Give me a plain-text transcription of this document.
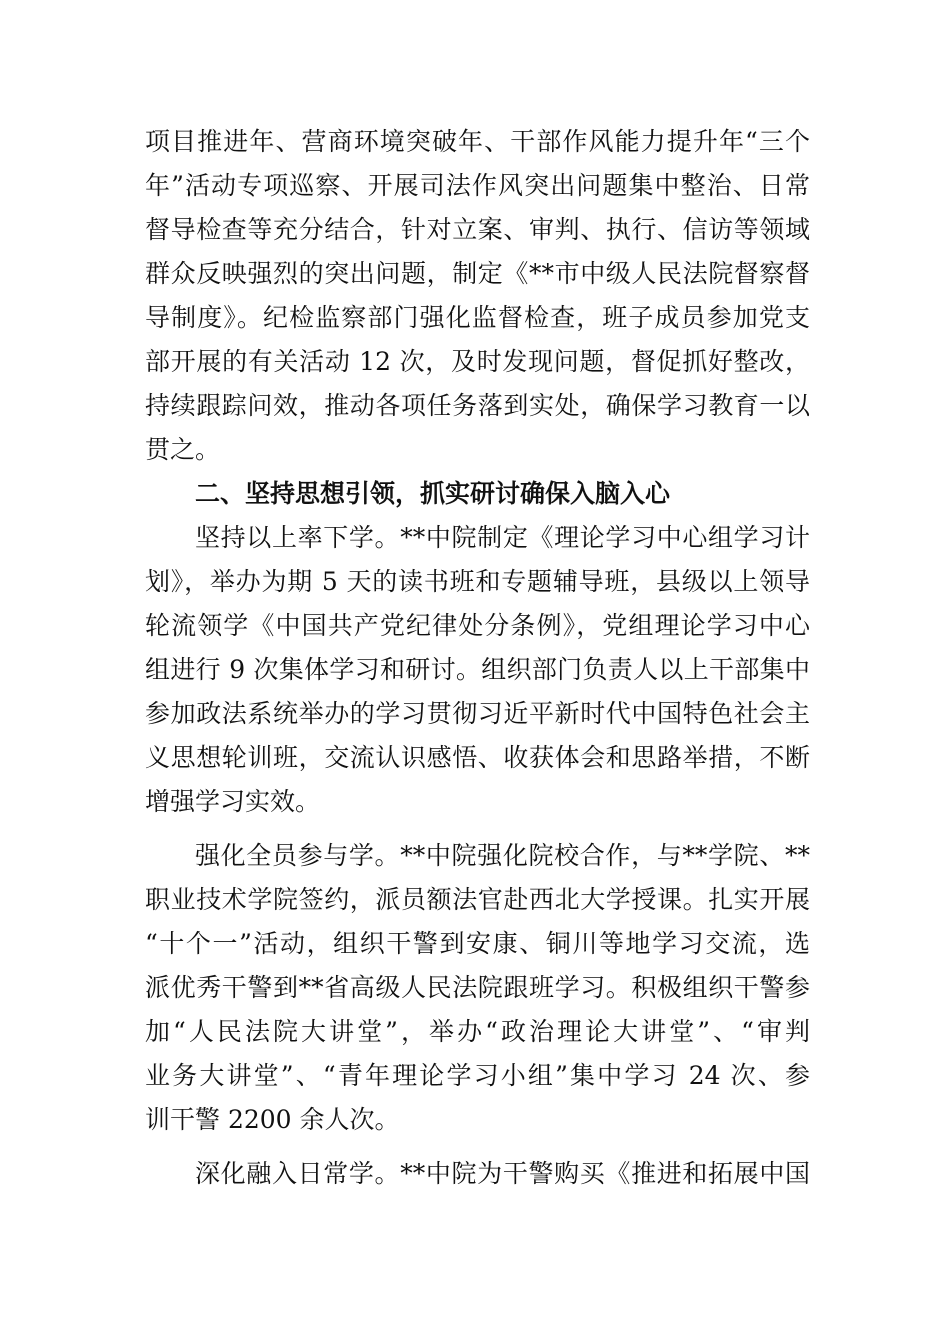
项目推进年、营商环境突破年、干部作风能力提升年“三个
年”活动专项巡察、开展司法作风突出问题集中整治、日常
督导检查等充分结合，针对立案、审判、执行、信访等领域
群众反映强烈的突出问题，制定《**市中级人民法院督察督
导制度》。纪检监察部门强化监督检查，班子成员参加党支
部开展的有关活动 12 次，及时发现问题，督促抓好整改，
持续跟踪问效，推动各项任务落到实处，确保学习教育一以
贯之。
二、坚持思想引领，抓实研讨确保入脑入心
坚持以上率下学。**中院制定《理论学习中心组学习计
划》，举办为期 5 天的读书班和专题辅导班，县级以上领导
轮流领学《中国共产党纪律处分条例》，党组理论学习中心
组进行 9 次集体学习和研讨。组织部门负责人以上干部集中
参加政法系统举办的学习贯彻习近平新时代中国特色社会主
义思想轮训班，交流认识感悟、收获体会和思路举措，不断
增强学习实效。
强化全员参与学。**中院强化院校合作，与**学院、**
职业技术学院签约，派员额法官赴西北大学授课。扎实开展
“十个一”活动，组织干警到安康、铜川等地学习交流，选
派优秀干警到**省高级人民法院跟班学习。积极组织干警参
加“人民法院大讲堂”，举办“政治理论大讲堂”、“审判
业务大讲堂”、“青年理论学习小组”集中学习 24 次、参
训干警 2200 余人次。
深化融入日常学。**中院为干警购买《推进和拓展中国
